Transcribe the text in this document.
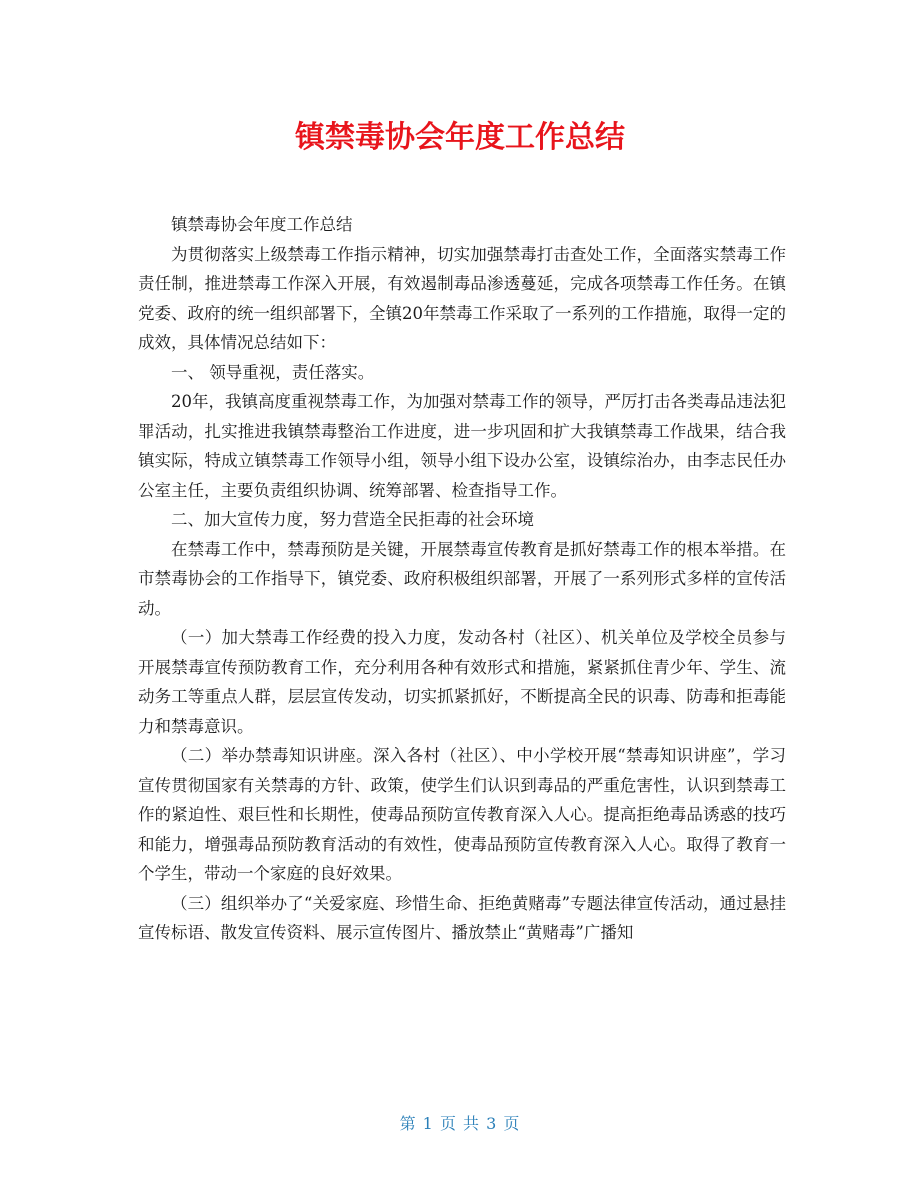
镇禁毒协会年度工作总结

镇禁毒协会年度工作总结

为贯彻落实上级禁毒工作指示精神，切实加强禁毒打击查处工作，全面落实禁毒工作责任制，推进禁毒工作深入开展，有效遏制毒品渗透蔓延，完成各项禁毒工作任务。在镇党委、政府的统一组织部署下，全镇20年禁毒工作采取了一系列的工作措施，取得一定的成效，具体情况总结如下：

一、 领导重视，责任落实。

20年，我镇高度重视禁毒工作，为加强对禁毒工作的领导，严厉打击各类毒品违法犯罪活动，扎实推进我镇禁毒整治工作进度，进一步巩固和扩大我镇禁毒工作战果，结合我镇实际，特成立镇禁毒工作领导小组，领导小组下设办公室，设镇综治办，由李志民任办公室主任，主要负责组织协调、统筹部署、检查指导工作。

二、加大宣传力度，努力营造全民拒毒的社会环境

在禁毒工作中，禁毒预防是关键，开展禁毒宣传教育是抓好禁毒工作的根本举措。在市禁毒协会的工作指导下，镇党委、政府积极组织部署，开展了一系列形式多样的宣传活动。

（一）加大禁毒工作经费的投入力度，发动各村（社区）、机关单位及学校全员参与开展禁毒宣传预防教育工作，充分利用各种有效形式和措施，紧紧抓住青少年、学生、流动务工等重点人群，层层宣传发动，切实抓紧抓好，不断提高全民的识毒、防毒和拒毒能力和禁毒意识。

（二）举办禁毒知识讲座。深入各村（社区）、中小学校开展“禁毒知识讲座”，学习宣传贯彻国家有关禁毒的方针、政策，使学生们认识到毒品的严重危害性，认识到禁毒工作的紧迫性、艰巨性和长期性，使毒品预防宣传教育深入人心。提高拒绝毒品诱惑的技巧和能力，增强毒品预防教育活动的有效性，使毒品预防宣传教育深入人心。取得了教育一个学生，带动一个家庭的良好效果。

（三）组织举办了“关爱家庭、珍惜生命、拒绝黄赌毒”专题法律宣传活动，通过悬挂宣传标语、散发宣传资料、展示宣传图片、播放禁止“黄赌毒”广播知

第 1 页 共 3 页
